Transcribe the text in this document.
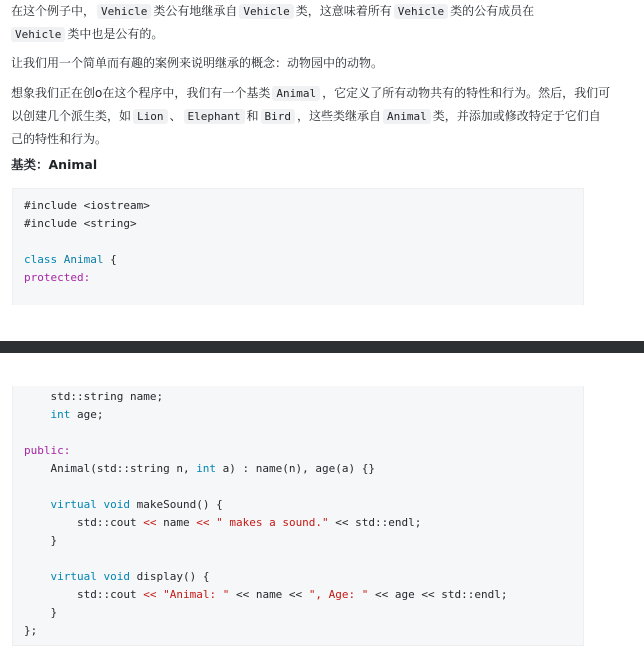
在这个例子中， Vehicle 类公有地继承自 Vehicle 类，这意味着所有 Vehicle 类的公有成员在
Vehicle 类中也是公有的。

让我们用一个简单而有趣的案例来说明继承的概念：动物园中的动物。

想象我们正在创o在这个程序中，我们有一个基类 Animal ，它定义了所有动物共有的特性和行为。然后，我们可以创建几个派生类，如 Lion 、 Elephant 和 Bird ，这些类继承自 Animal 类，并添加或修改特定于它们自己的特性和行为。

基类：Animal

#include <iostream>
#include <string>

class Animal {
protected:
std::string name;
int age;

public:
Animal(std::string n, int a) : name(n), age(a) {}

virtual void makeSound() {
std::cout << name << " makes a sound." << std::endl;
}

virtual void display() {
std::cout << "Animal: " << name << ", Age: " << age << std::endl;
}
};
